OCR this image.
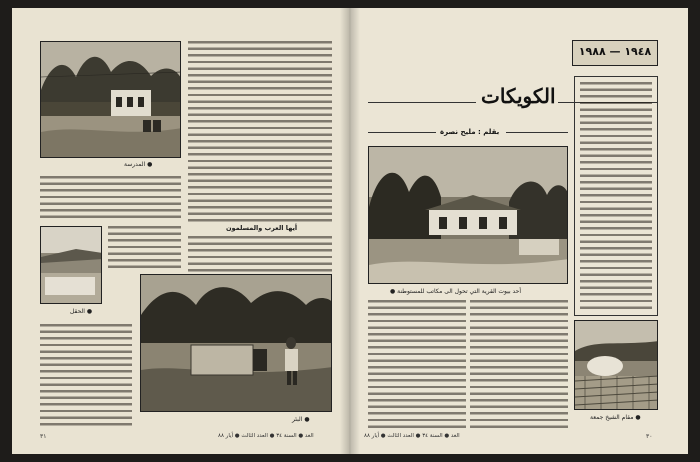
● المدرسة
أيها العرب والمسلمون
● الحقل
● البئر
٣١	الغد ● السنة ٣٤ ● العدد الثالث ● أيار ٨٨
١٩٤٨ — ١٩٨٨
الكويكات
بقلم : مليح نصرة
أحد بيوت القرية التي تحول الى مكاتب للمستوطنة ●
● مقام الشيخ جمعة
الغد ● السنة ٣٤ ● العدد الثالث ● أيار ٨٨	٣٠
